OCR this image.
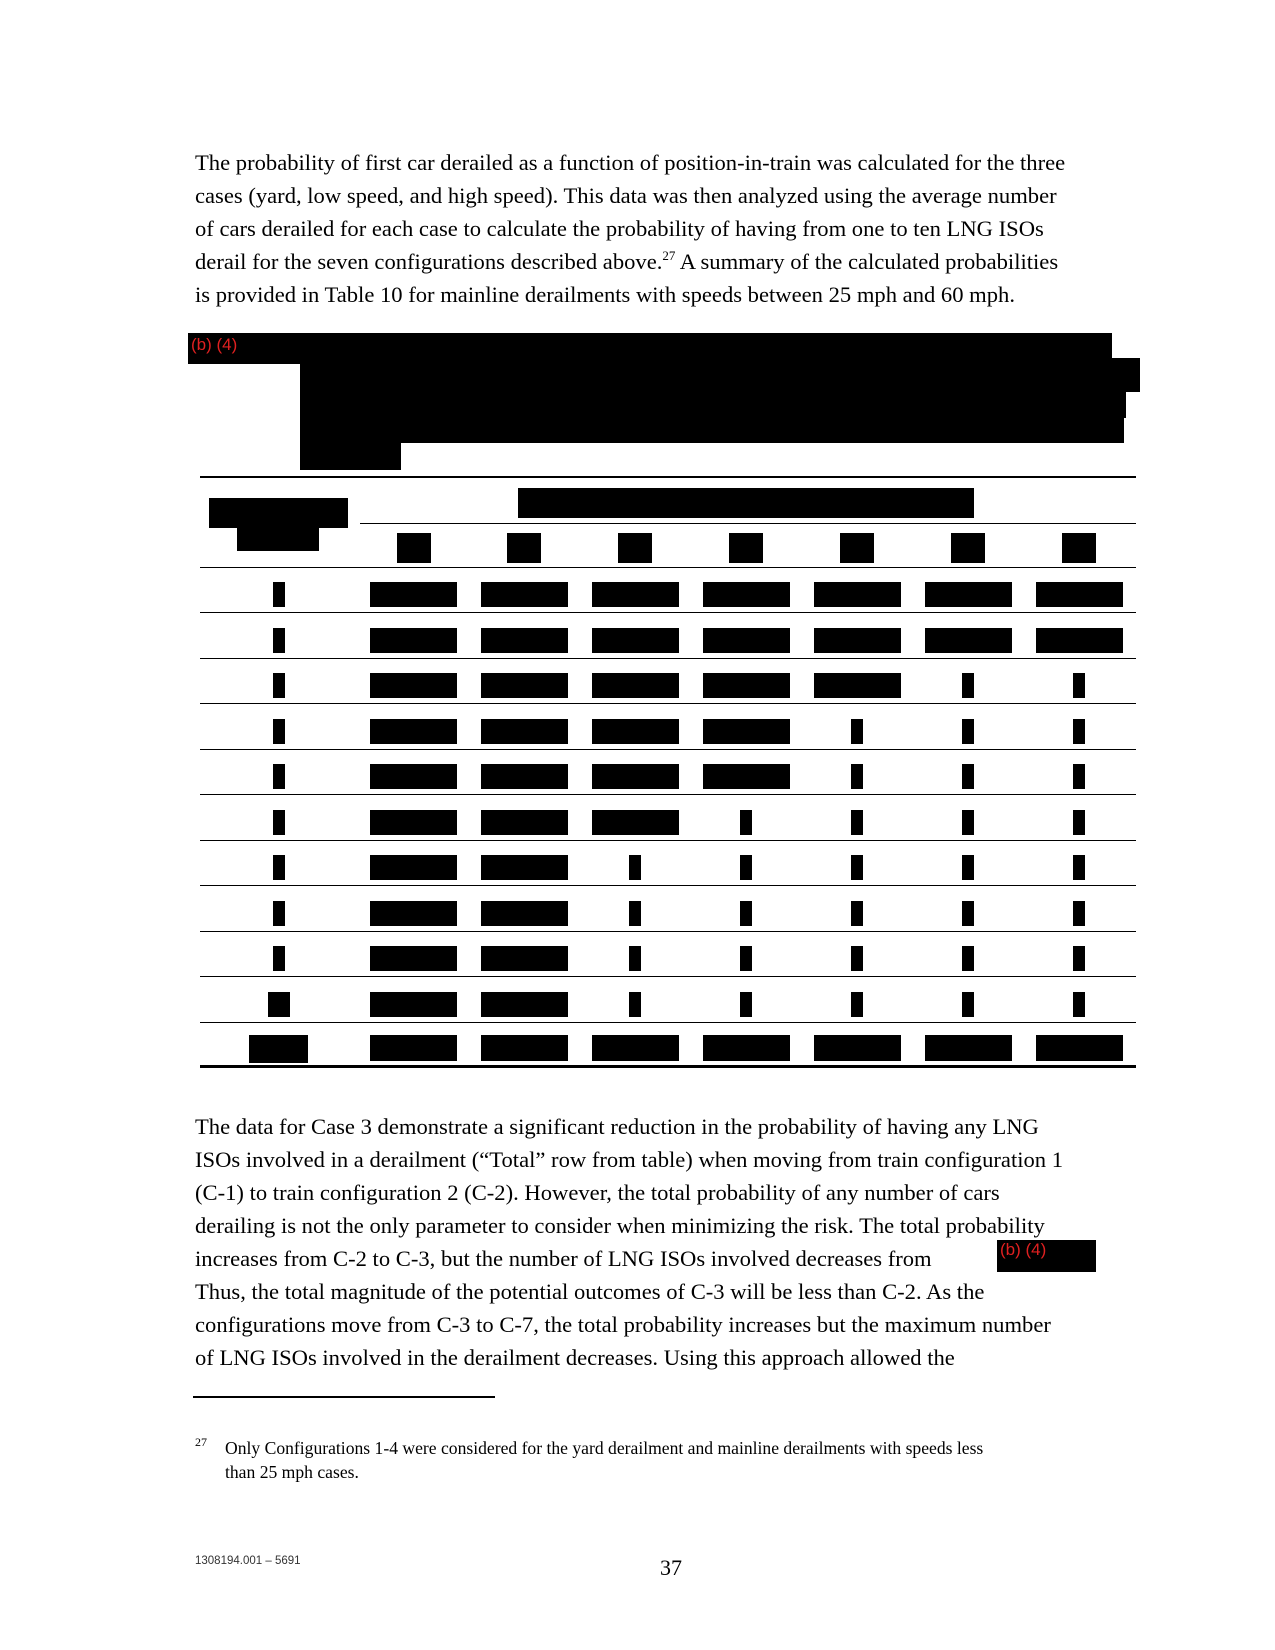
The probability of first car derailed as a function of position-in-train was calculated for the three

cases (yard, low speed, and high speed). This data was then analyzed using the average number

of cars derailed for each case to calculate the probability of having from one to ten LNG ISOs

derail for the seven configurations described above.$^{27}$ A summary of the calculated probabilities

is provided in Table 10 for mainline derailments with speeds between 25 mph and 60 mph.

(b) (4)

The data for Case 3 demonstrate a significant reduction in the probability of having any LNG

ISOs involved in a derailment (“Total” row from table) when moving from train configuration 1

(C-1) to train configuration 2 (C-2). However, the total probability of any number of cars

derailing is not the only parameter to consider when minimizing the risk. The total probability

increases from C-2 to C-3, but the number of LNG ISOs involved decreases from

Thus, the total magnitude of the potential outcomes of C-3 will be less than C-2. As the

configurations move from C-3 to C-7, the total probability increases but the maximum number

of LNG ISOs involved in the derailment decreases. Using this approach allowed the

(b) (4)
27 Only Configurations 1-4 were considered for the yard derailment and mainline derailments with speeds less
than 25 mph cases.
1308194.001 – 5691	37
